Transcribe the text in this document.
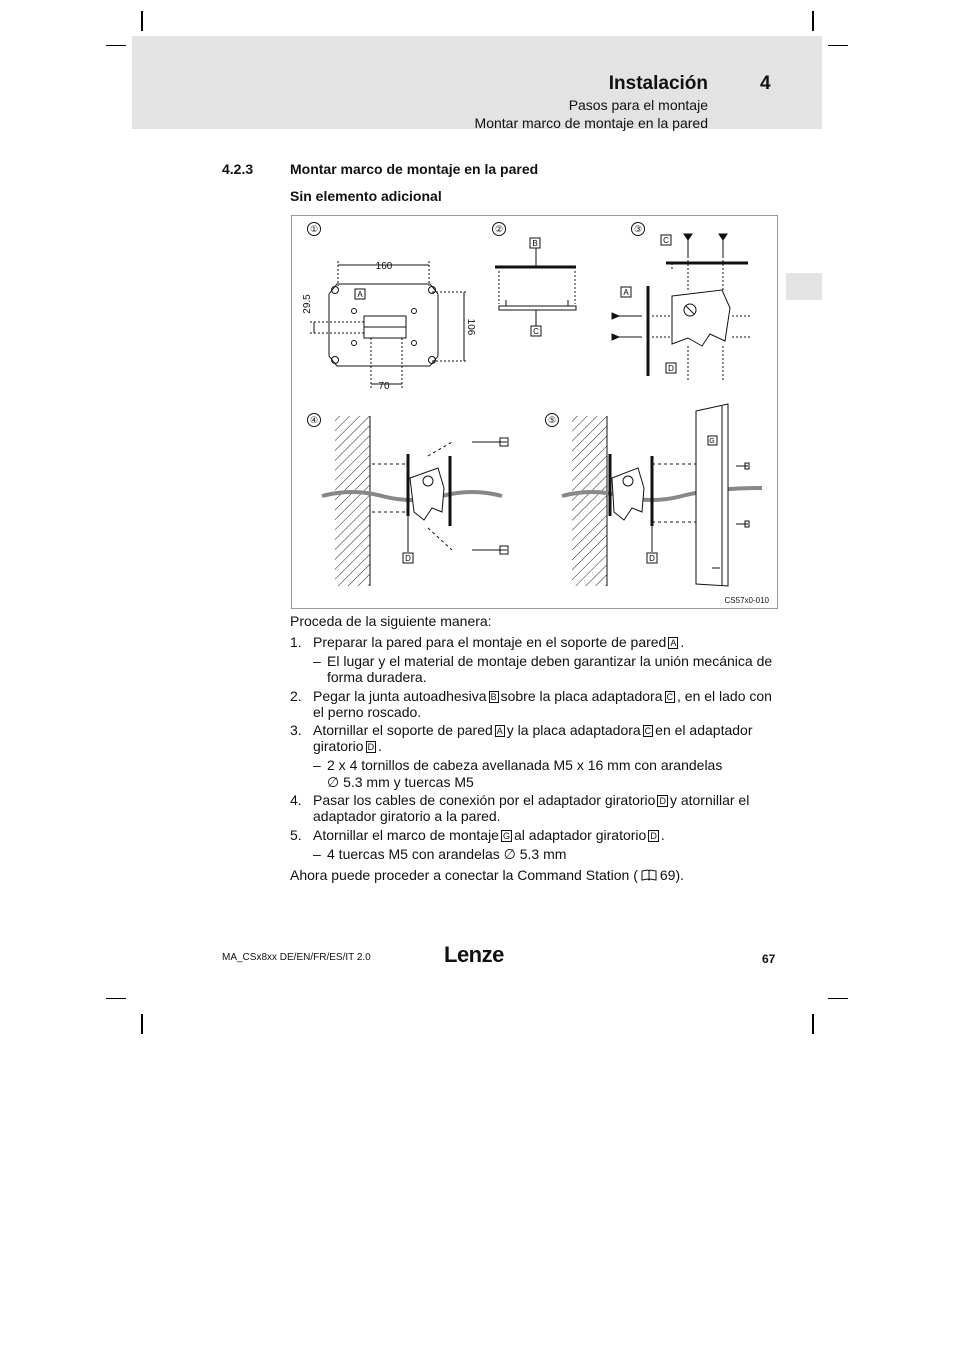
Instalación	4
Pasos para el montaje
Montar marco de montaje en la pared
4.2.3	Montar marco de montaje en la pared
Sin elemento adicional
①	②	③
④	⑤
160
70
29.5
106
A
B
C
C
A
D
D
G
D
CS57x0-010
Proceda de la siguiente manera:
1. Preparar la pared para el montaje en el soporte de pared A .
– El lugar y el material de montaje deben garantizar la unión mecánica de
forma duradera.
2. Pegar la junta autoadhesiva B sobre la placa adaptadora C , en el lado con
el perno roscado.
3. Atornillar el soporte de pared A y la placa adaptadora C en el adaptador
giratorio D .
– 2 x 4 tornillos de cabeza avellanada M5 x 16 mm con arandelas
∅ 5.3 mm y tuercas M5
4. Pasar los cables de conexión por el adaptador giratorio D y atornillar el
adaptador giratorio a la pared.
5. Atornillar el marco de montaje G al adaptador giratorio D .
– 4 tuercas M5 con arandelas ∅ 5.3 mm
Ahora puede proceder a conectar la Command Station ( 69).
MA_CSx8xx DE/EN/FR/ES/IT 2.0	Lenze	67
